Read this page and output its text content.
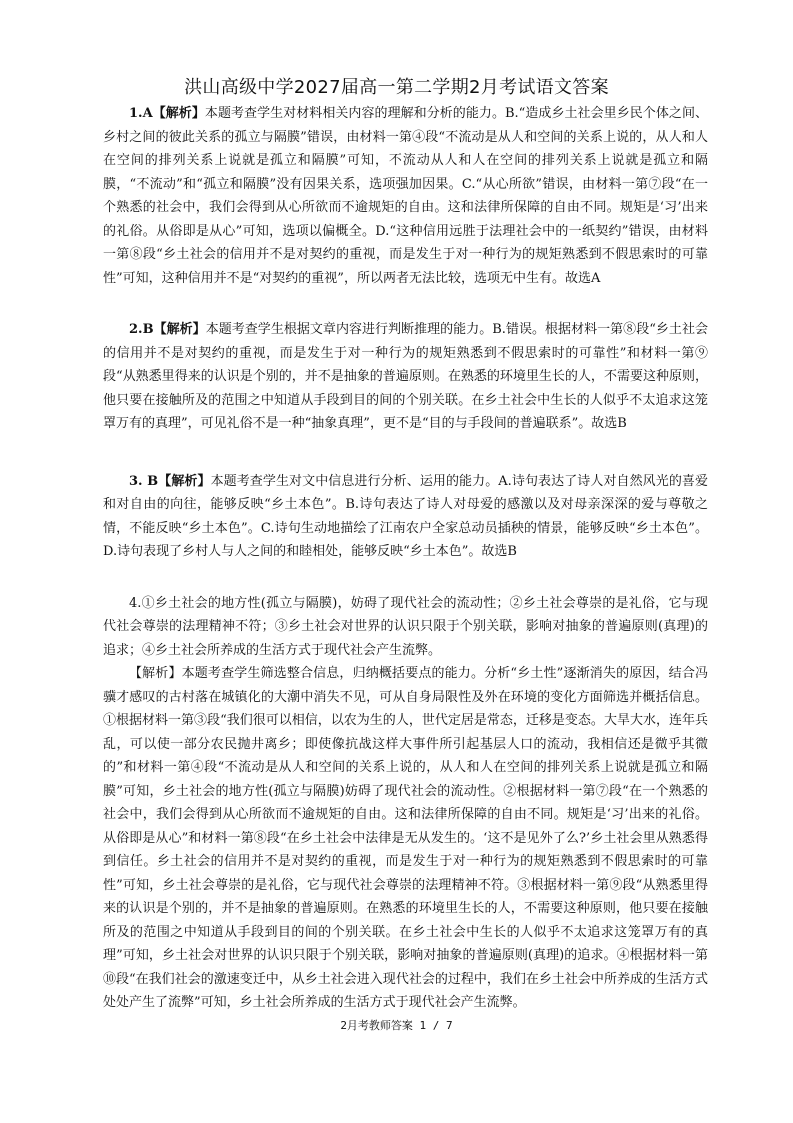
洪山高级中学2027届高一第二学期2月考试语文答案

1.A【解析】本题考查学生对材料相关内容的理解和分析的能力。B.“造成乡土社会里乡民个体之间、乡村之间的彼此关系的孤立与隔膜”错误，由材料一第④段“不流动是从人和空间的关系上说的，从人和人在空间的排列关系上说就是孤立和隔膜”可知，不流动从人和人在空间的排列关系上说就是孤立和隔膜，“不流动”和“孤立和隔膜”没有因果关系，选项强加因果。C.“从心所欲”错误，由材料一第⑦段“在一个熟悉的社会中，我们会得到从心所欲而不逾规矩的自由。这和法律所保障的自由不同。规矩是‘习’出来的礼俗。从俗即是从心”可知，选项以偏概全。D.“这种信用远胜于法理社会中的一纸契约”错误，由材料一第⑧段“乡土社会的信用并不是对契约的重视，而是发生于对一种行为的规矩熟悉到不假思索时的可靠性”可知，这种信用并不是“对契约的重视”，所以两者无法比较，选项无中生有。故选A

2.B【解析】本题考查学生根据文章内容进行判断推理的能力。B.错误。根据材料一第⑧段“乡土社会的信用并不是对契约的重视，而是发生于对一种行为的规矩熟悉到不假思索时的可靠性”和材料一第⑨段“从熟悉里得来的认识是个别的，并不是抽象的普遍原则。在熟悉的环境里生长的人，不需要这种原则，他只要在接触所及的范围之中知道从手段到目的间的个别关联。在乡土社会中生长的人似乎不太追求这笼罩万有的真理”，可见礼俗不是一种“抽象真理”，更不是“目的与手段间的普遍联系”。故选B

3. B【解析】本题考查学生对文中信息进行分析、运用的能力。A.诗句表达了诗人对自然风光的喜爱和对自由的向往，能够反映“乡土本色”。B.诗句表达了诗人对母爱的感激以及对母亲深深的爱与尊敬之情，不能反映“乡土本色”。C.诗句生动地描绘了江南农户全家总动员插秧的情景，能够反映“乡土本色”。 D.诗句表现了乡村人与人之间的和睦相处，能够反映“乡土本色”。故选B

4.①乡土社会的地方性(孤立与隔膜)，妨碍了现代社会的流动性；②乡土社会尊崇的是礼俗，它与现代社会尊崇的法理精神不符；③乡土社会对世界的认识只限于个别关联，影响对抽象的普遍原则(真理)的追求；④乡土社会所养成的生活方式于现代社会产生流弊。

【解析】本题考查学生筛选整合信息，归纳概括要点的能力。分析“乡土性”逐渐消失的原因，结合冯骥才感叹的古村落在城镇化的大潮中消失不见，可从自身局限性及外在环境的变化方面筛选并概括信息。①根据材料一第③段“我们很可以相信，以农为生的人，世代定居是常态，迁移是变态。大旱大水，连年兵乱，可以使一部分农民抛井离乡；即使像抗战这样大事件所引起基层人口的流动，我相信还是微乎其微的”和材料一第④段“不流动是从人和空间的关系上说的，从人和人在空间的排列关系上说就是孤立和隔膜”可知，乡土社会的地方性(孤立与隔膜)妨碍了现代社会的流动性。②根据材料一第⑦段“在一个熟悉的社会中，我们会得到从心所欲而不逾规矩的自由。这和法律所保障的自由不同。规矩是‘习’出来的礼俗。从俗即是从心”和材料一第⑧段“在乡土社会中法律是无从发生的。‘这不是见外了么?’乡土社会里从熟悉得到信任。乡土社会的信用并不是对契约的重视，而是发生于对一种行为的规矩熟悉到不假思索时的可靠性”可知，乡土社会尊崇的是礼俗，它与现代社会尊崇的法理精神不符。③根据材料一第⑨段“从熟悉里得来的认识是个别的，并不是抽象的普遍原则。在熟悉的环境里生长的人，不需要这种原则，他只要在接触所及的范围之中知道从手段到目的间的个别关联。在乡土社会中生长的人似乎不太追求这笼罩万有的真理”可知，乡土社会对世界的认识只限于个别关联，影响对抽象的普遍原则(真理)的追求。④根据材料一第⑩段“在我们社会的激速变迁中，从乡土社会进入现代社会的过程中，我们在乡土社会中所养成的生活方式处处产生了流弊”可知，乡土社会所养成的生活方式于现代社会产生流弊。

2月考教师答案 1 / 7
